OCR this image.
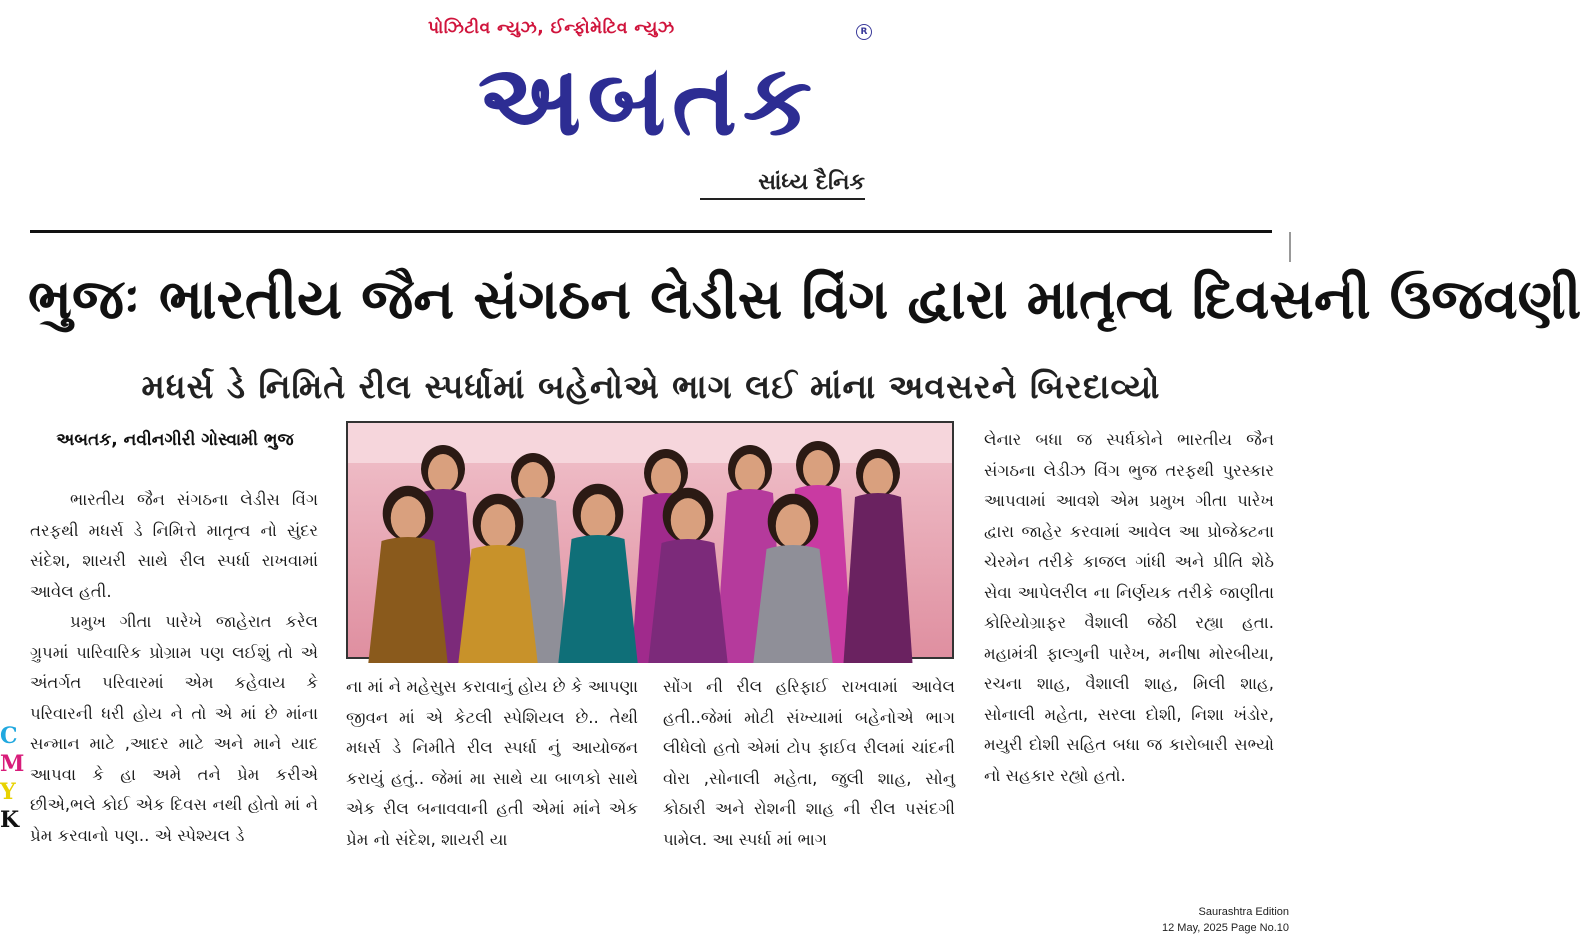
પોઝિટીવ ન્યુઝ, ઈન્ફોમેટિવ ન્યુઝ	R
અબતક
સાંધ્ય દૈનિક
ભુજઃ ભારતીય જૈન સંગઠન લેડીસ વિંગ દ્વારા માતૃત્વ દિવસની ઉજવણી
મધર્સ ડે નિમિતે રીલ સ્પર્ધામાં બહેનોએ ભાગ લઈ માંના અવસરને બિરદાવ્યો
અબતક, નવીનગીરી ગોસ્વામી ભુજ

ભારતીય જૈન સંગઠના લેડીસ વિંગ તરફથી મધર્સ ડે નિમિત્તે માતૃત્વ નો સુંદર સંદેશ, શાયરી સાથે રીલ સ્પર્ધા રાખવામાં આવેલ હતી.

પ્રમુખ ગીતા પારેખે જાહેરાત કરેલ ગ્રુપમાં પારિવારિક પ્રોગ્રામ પણ લઈશું તો એ અંતર્ગત પરિવારમાં એમ કહેવાય કે પરિવારની ધરી હોય ને તો એ માં છે માંના સન્માન માટે ,આદર માટે અને માને યાદ આપવા કે હા અમે તને પ્રેમ કરીએ છીએ,ભલે કોઈ એક દિવસ નથી હોતો માં ને પ્રેમ કરવાનો પણ.. એ સ્પેશ્યલ ડે

ના માં ને મહેસુસ કરાવાનું હોય છે કે આપણા જીવન માં એ કેટલી સ્પેશિયલ છે.. તેથી મધર્સ ડે નિમીતે રીલ સ્પર્ધા નું આયોજન કરાયું હતું.. જેમાં મા સાથે યા બાળકો સાથે એક રીલ બનાવવાની હતી એમાં માંને એક પ્રેમ નો સંદેશ, શાયરી યા
સોંગ ની રીલ હરિફાઈ રાખવામાં આવેલ હતી..જેમાં મોટી સંખ્યામાં બહેનોએ ભાગ લીધેલો હતો એમાં ટોપ ફાઈવ રીલમાં ચાંદની વોરા ,સોનાલી મહેતા, જુલી શાહ, સોનુ કોઠારી અને રોશની શાહ ની રીલ પસંદગી પામેલ. આ સ્પર્ધા માં ભાગ
લેનાર બધા જ સ્પર્ધકોને ભારતીય જૈન સંગઠના લેડીઝ વિંગ ભુજ તરફથી પુરસ્કાર આપવામાં આવશે એમ પ્રમુખ ગીતા પારેખ દ્વારા જાહેર કરવામાં આવેલ આ પ્રોજેક્ટના ચેરમેન તરીકે કાજલ ગાંધી અને પ્રીતિ શેઠે સેવા આપેલરીલ ના નિર્ણયક તરીકે જાણીતા કોરિયોગ્રાફર વૈશાલી જેઠી રહ્યા હતા. મહામંત્રી ફાલ્ગુની પારેખ, મનીષા મોરબીયા, રચના શાહ, વૈશાલી શાહ, મિલી શાહ, સોનાલી મહેતા, સરલા દોશી, નિશા ખંડોર, મયુરી દોશી સહિત બધા જ કારોબારી સભ્યો નો સહકાર રહ્યો હતો.
C
M
Y
K
Saurashtra Edition
12 May, 2025 Page No.10
